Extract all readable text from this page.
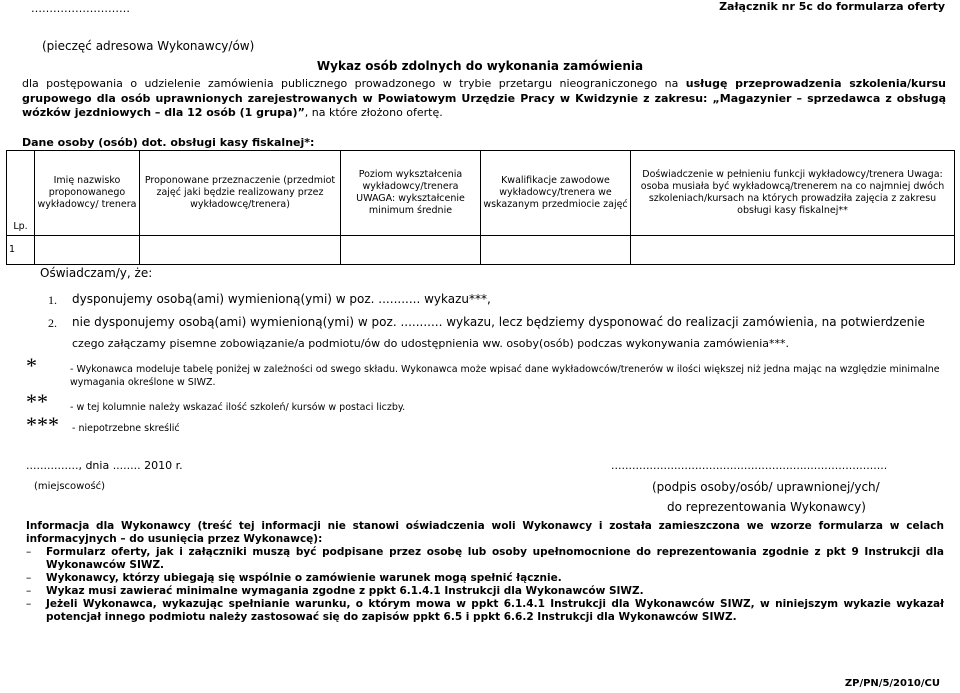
………………………
(pieczęć adresowa Wykonawcy/ów)
Załącznik nr 5c do formularza oferty
Wykaz osób zdolnych do wykonania zamówienia
dla postępowania o udzielenie zamówienia publicznego prowadzonego w trybie przetargu nieograniczonego na usługę przeprowadzenia szkolenia/kursu grupowego dla osób uprawnionych zarejestrowanych w Powiatowym Urzędzie Pracy w Kwidzynie z zakresu: „Magazynier – sprzedawca z obsługą wózków jezdniowych – dla 12 osób (1 grupa)”, na które złożono ofertę.
Dane osoby (osób) dot. obsługi kasy fiskalnej*:
Lp.	Imię nazwisko proponowanego wykładowcy/ trenera	Proponowane przeznaczenie (przedmiot zajęć jaki będzie realizowany przez wykładowcę/trenera)	Poziom wykształcenia wykładowcy/trenera UWAGA: wykształcenie minimum średnie	Kwalifikacje zawodowe wykładowcy/trenera we wskazanym przedmiocie zajęć	Doświadczenie w pełnieniu funkcji wykładowcy/trenera Uwaga: osoba musiała być wykładowcą/trenerem na co najmniej dwóch szkoleniach/kursach na których prowadziła zajęcia z zakresu obsługi kasy fiskalnej**
1					
Oświadczam/y, że:
1. dysponujemy osobą(ami) wymienioną(ymi) w poz. ........... wykazu***,
2. nie dysponujemy osobą(ami) wymienioną(ymi) w poz. ........... wykazu, lecz będziemy dysponować do realizacji zamówienia, na potwierdzenie
czego załączamy pisemne zobowiązanie/a podmiotu/ów do udostępnienia ww. osoby(osób) podczas wykonywania zamówienia***.
*	- Wykonawca modeluje tabelę poniżej w zależności od swego składu. Wykonawca może wpisać dane wykładowców/trenerów w ilości większej niż jedna mając na względzie minimalne wymagania określone w SIWZ.
** - w tej kolumnie należy wskazać ilość szkoleń/ kursów w postaci liczby.
*** - niepotrzebne skreślić
..............., dnia ........ 2010 r.
(miejscowość)
...............................................................................
(podpis osoby/osób/ uprawnionej/ych/
do reprezentowania Wykonawcy)
Informacja dla Wykonawcy (treść tej informacji nie stanowi oświadczenia woli Wykonawcy i została zamieszczona we wzorze formularza w celach informacyjnych – do usunięcia przez Wykonawcę):
– Formularz oferty, jak i załączniki muszą być podpisane przez osobę lub osoby upełnomocnione do reprezentowania zgodnie z pkt 9 Instrukcji dla Wykonawców SIWZ.
– Wykonawcy, którzy ubiegają się wspólnie o zamówienie warunek mogą spełnić łącznie.
– Wykaz musi zawierać minimalne wymagania zgodne z ppkt 6.1.4.1 Instrukcji dla Wykonawców SIWZ.
– Jeżeli Wykonawca, wykazując spełnianie warunku, o którym mowa w ppkt 6.1.4.1 Instrukcji dla Wykonawców SIWZ, w niniejszym wykazie wykazał potencjał innego podmiotu należy zastosować się do zapisów ppkt 6.5 i ppkt 6.6.2 Instrukcji dla Wykonawców SIWZ.
ZP/PN/5/2010/CU
